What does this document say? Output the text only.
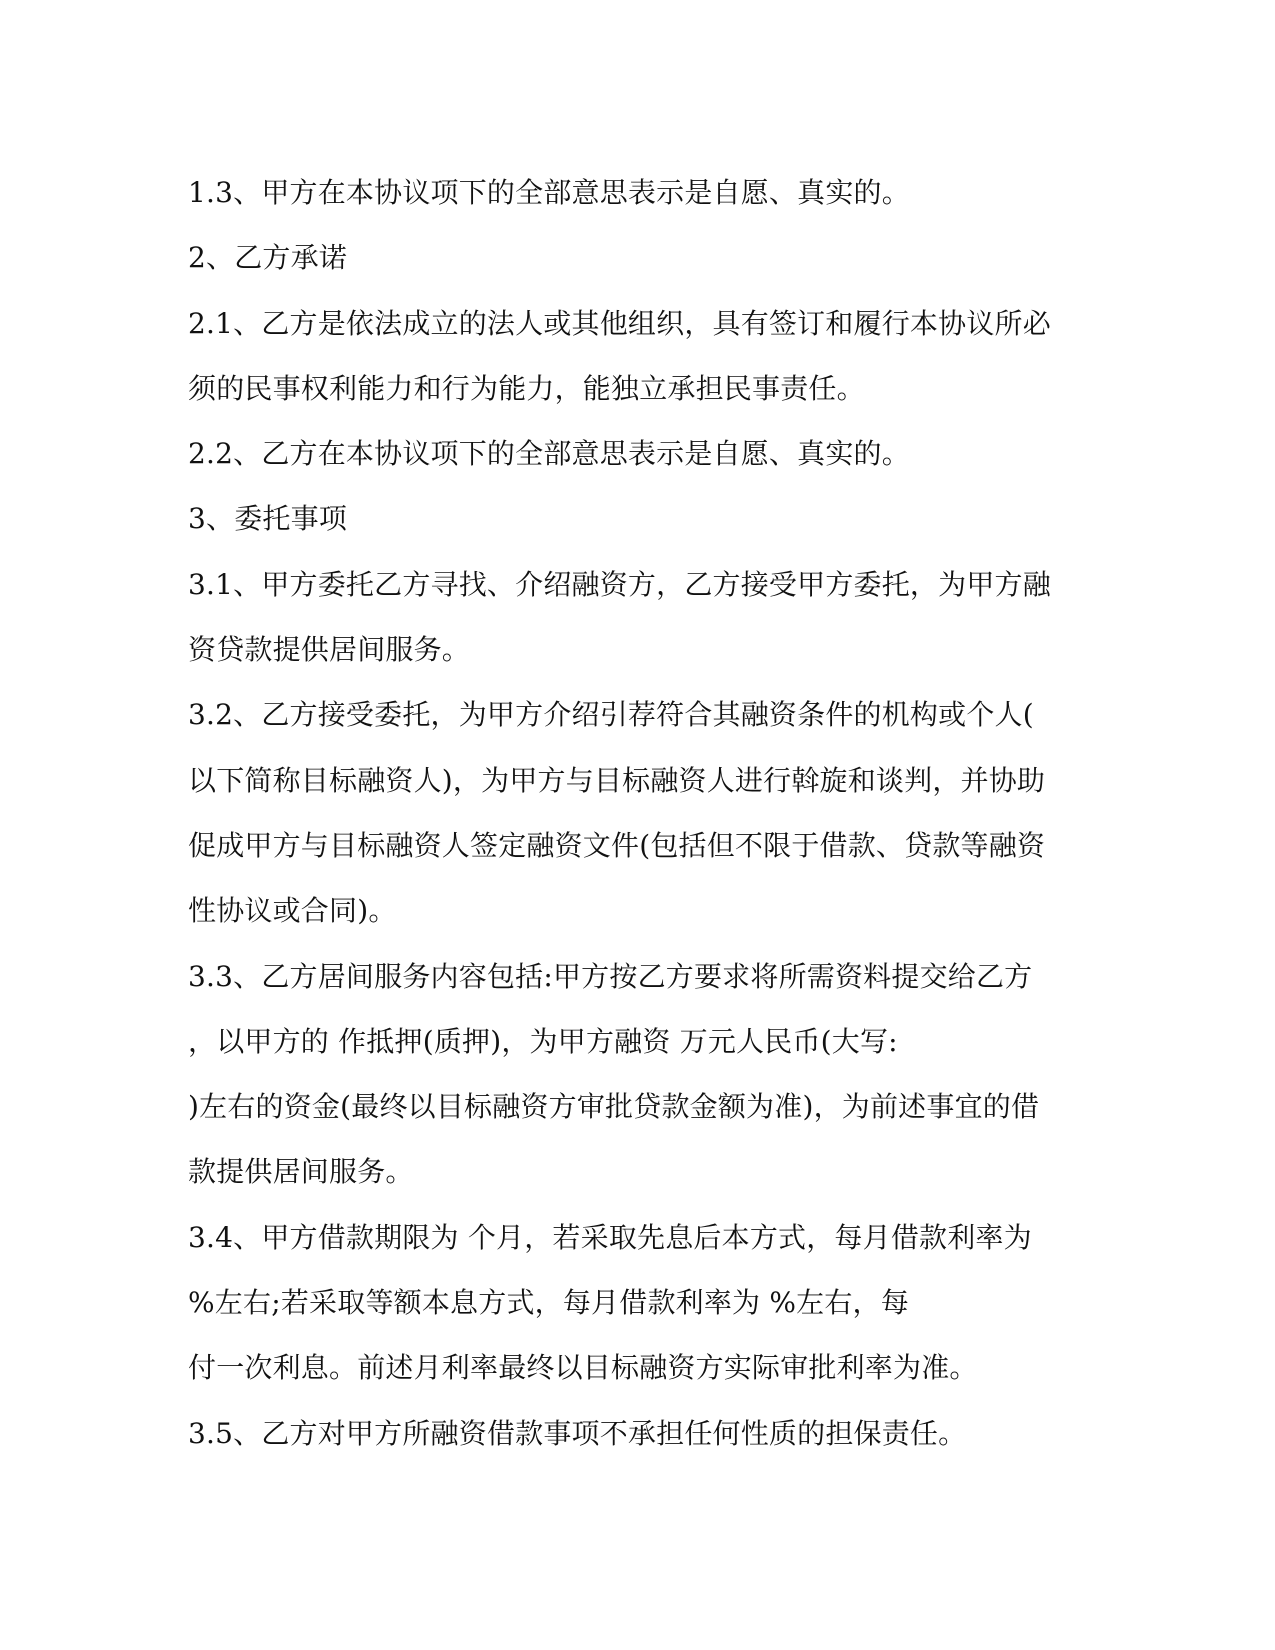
1.3、甲方在本协议项下的全部意思表示是自愿、真实的。
2、乙方承诺
2.1、乙方是依法成立的法人或其他组织，具有签订和履行本协议所必
须的民事权利能力和行为能力，能独立承担民事责任。
2.2、乙方在本协议项下的全部意思表示是自愿、真实的。
3、委托事项
3.1、甲方委托乙方寻找、介绍融资方，乙方接受甲方委托，为甲方融
资贷款提供居间服务。
3.2、乙方接受委托，为甲方介绍引荐符合其融资条件的机构或个人(
以下简称目标融资人)，为甲方与目标融资人进行斡旋和谈判，并协助
促成甲方与目标融资人签定融资文件(包括但不限于借款、贷款等融资
性协议或合同)。
3.3、乙方居间服务内容包括:甲方按乙方要求将所需资料提交给乙方
，以甲方的 作抵押(质押)，为甲方融资 万元人民币(大写:
)左右的资金(最终以目标融资方审批贷款金额为准)，为前述事宜的借
款提供居间服务。
3.4、甲方借款期限为 个月，若采取先息后本方式，每月借款利率为
%左右;若采取等额本息方式，每月借款利率为 %左右，每
付一次利息。前述月利率最终以目标融资方实际审批利率为准。
3.5、乙方对甲方所融资借款事项不承担任何性质的担保责任。
